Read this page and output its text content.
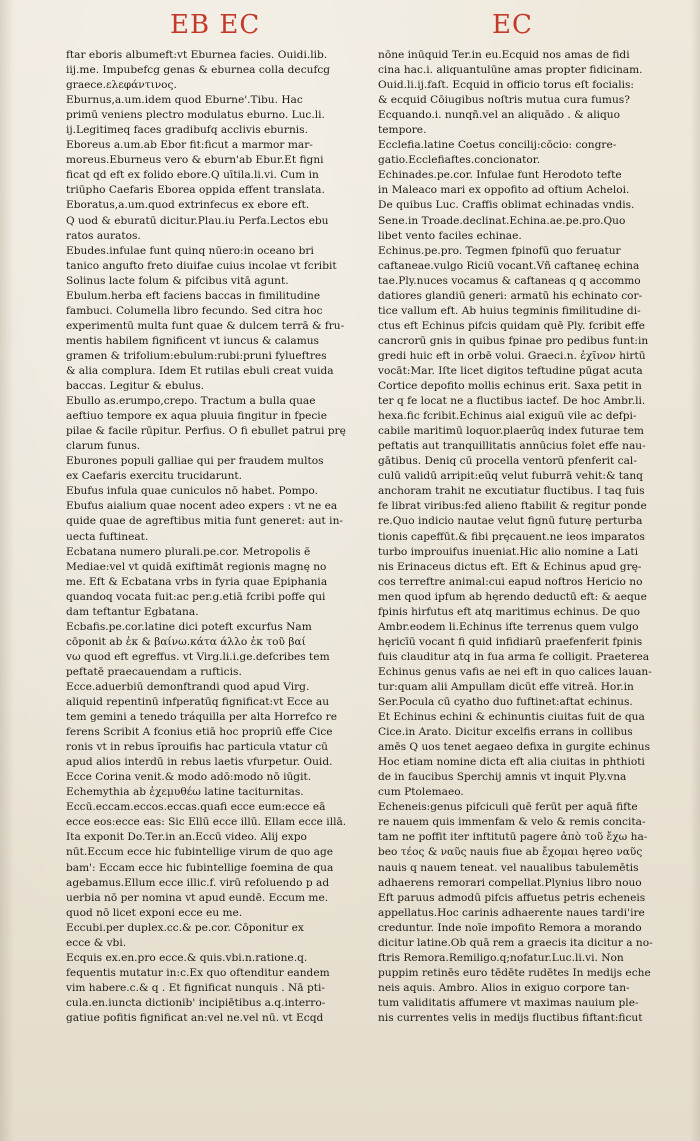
EB EC	EC
ftar eboris albumeft:vt Eburnea facies. Ouidi.lib.
iij.me. Impubefcg genas & eburnea colla decufcg
graece.ελεφάντινος.
Eburnus,a.um.idem quod Eburne'.Tibu. Hac
primū veniens plectro modulatus eburno. Luc.li.
ij.Legitimeq faces gradibufq acclivis eburnis.
Eboreus a.um.ab Ebor fit:ficut a marmor mar-
moreus.Eburneus vero & eburn'ab Ebur.Et figni
ficat qd eft ex folido ebore.Q uītila.li.vi. Cum in
triūpho Caefaris Eborea oppida effent translata.
Eboratus,a.um.quod extrinfecus ex ebore eft.
Q uod & eburatū dicitur.Plau.iu Perfa.Lectos ebu
ratos auratos.
Ebudes.infulae funt quinq nūero:in oceano bri
tanico angufto freto diuifae cuius incolae vt fcribit
Solinus lacte folum & pifcibus vitā agunt.
Ebulum.herba eft faciens baccas in fimilitudine
fambuci. Columella libro fecundo. Sed citra hoc
experimentū multa funt quae & dulcem terrā & fru-
mentis habilem fignificent vt iuncus & calamus
gramen & trifolium:ebulum:rubi:pruni fylueftres
& alia complura. Idem Et rutilas ebuli creat vuida
baccas. Legitur & ebulus.
Ebullo as.erumpo,crepo. Tractum a bulla quae
aeftiuo tempore ex aqua pluuia fingitur in fpecie
pilae & facile rūpitur. Perfius. O fi ebullet patrui prę
clarum funus.
Eburones populi galliae qui per fraudem multos
ex Caefaris exercitu trucidarunt.
Ebufus infula quae cuniculos nō habet. Pompo.
Ebufus aialium quae nocent adeo expers : vt ne ea
quide quae de agreftibus mitia funt generet: aut in-
uecta fuftineat.
Ecbatana numero plurali.pe.cor. Metropolis ē
Mediae:vel vt quidā exiftimāt regionis magnę no
me. Eft & Ecbatana vrbs in fyria quae Epiphania
quandoq vocata fuit:ac per.g.etiā fcribi poffe qui
dam teftantur Egbatana.
Ecbafis.pe.cor.latine dici poteft excurfus Nam
cōponit ab ἐκ & βαίνω.κάτα άλλο ἐκ τοῦ βαί
vω quod eft egreffus. vt Virg.li.i.ge.defcribes tem
peftatē praecauendam a rufticis.
Ecce.aduerbiū demonftrandi quod apud Virg.
aliquid repentinū infperatūq fignificat:vt Ecce au
tem gemini a tenedo tráquilla per alta Horrefco re
ferens Scribit A fconius etiā hoc propriū effe Cice
ronis vt in rebus ĭprouifis hac particula vtatur cū
apud alios interdū in rebus laetis vfurpetur. Ouid.
Ecce Corina venit.& modo adō:modo nō iūgit.
Echemythia ab ἐχεμυθέω latine taciturnitas.
Eccū.eccam.eccos.eccas.quafi ecce eum:ecce eā
ecce eos:ecce eas: Sic Ellū ecce illū. Ellam ecce illā.
Ita exponit Do.Ter.in an.Eccū video. Alij expo
nūt.Eccum ecce hic fubintellige virum de quo age
bam': Eccam ecce hic fubintellige foemina de qua
agebamus.Ellum ecce illic.f. virū refoluendo p ad
uerbia nō per nomina vt apud eundē. Eccum me.
quod nō licet exponi ecce eu me.
Eccubi.per duplex.cc.& pe.cor. Cōponitur ex
ecce & vbi.
Ecquis ex.en.pro ecce.& quis.vbi.n.ratione.q.
fequentis mutatur in:c.Ex quo oftenditur eandem
vim habere.c.& q . Et fignificat nunquis . Nā pti-
cula.en.iuncta dictionib' incipiētibus a.q.interro-
gatiue pofitis fignificat an:vel ne.vel nū. vt Ecqd
nōne inūquid Ter.in eu.Ecquid nos amas de fidi
cina hac.i. aliquantulūne amas propter fidicinam.
Ouid.li.ij.faſt. Ecquid in officio torus eſt focialis:
& ecquid Cōiugibus noſtris mutua cura fumus?
Ecquando.i. nunqñ.vel an aliquādo . & aliquo
tempore.
Ecclefia.latine Coetus concilij:cōcio: congre-
gatio.Ecclefiaftes.concionator.
Echinades.pe.cor. Infulae funt Herodoto tefte
in Maleaco mari ex oppofito ad oftium Acheloi.
De quibus Luc. Craffis oblimat echinadas vndis.
Sene.in Troade.declinat.Echina.ae.pe.pro.Quo
libet vento faciles echinae.
Echinus.pe.pro. Tegmen fpinofū quo feruatur
caftaneae.vulgo Riciū vocant.Vñ caftaneę echina
tae.Ply.nuces vocamus & caftaneas q q accommo
datiores glandiū generi: armatū his echinato cor-
tice vallum eft. Ab huius tegminis fimilitudine di-
ctus eft Echinus pifcis quidam quē Ply. fcribit effe
cancrorū gnis in quibus fpinae pro pedibus funt:in
gredi huic eft in orbē volui. Graeci.n. ἐχῖνον hirtū
vocāt:Mar. Iſte licet digitos teftudine pūgat acuta
Cortice depofito mollis echinus erit. Saxa petit in
ter q fe locat ne a fluctibus iactef. De hoc Ambr.li.
hexa.fic fcribit.Echinus aial exiguū vile ac defpi-
cabile maritimū loquor.plaerūq index futurae tem
peftatis aut tranquillitatis annūcius folet effe nau-
gātibus. Deniq cū procella ventorū pfenferit cal-
culū validū arripit:eūq velut fuburrā vehit:& tanq
anchoram trahit ne excutiatur fluctibus. I taq fuis
fe librat viribus:fed alieno ftabilit & regitur ponde
re.Quo indicio nautae velut fignū futurę perturba
tionis capeffūt.& fibi pręcauent.ne ieos imparatos
turbo improuifus inueniat.Hic alio nomine a Lati
nis Erinaceus dictus eft. Eft & Echinus apud grę-
cos terreftre animal:cui eapud noftros Hericio no
men quod ipfum ab hęrendo deductū eft: & aeque
fpinis hirfutus eft atq maritimus echinus. De quo
Ambr.eodem li.Echinus ifte terrenus quem vulgo
hęricīū vocant fi quid infidiarū praefenferit fpinis
fuis clauditur atq in fua arma fe colligit. Praeterea
Echinus genus vafis ae nei eft in quo calices lauan-
tur:quam alii Ampullam dicūt effe vitreā. Hor.in
Ser.Pocula cū cyatho duo fuftinet:aftat echinus.
Et Echinus echini & echinuntis ciuitas fuit de qua
Cice.in Arato. Dicitur excelfis errans in collibus
amēs Q uos tenet aegaeo defixa in gurgite echinus
Hoc etiam nomine dicta eft alia ciuitas in phthioti
de in faucibus Sperchij amnis vt inquit Ply.vna
cum Ptolemaeo.
Echeneis:genus pifciculi quē ferūt per aquā fifte
re nauem quis immenfam & velo & remis concita-
tam ne poffit iter inftitutū pagere ἀπὸ τοῦ ἔχω ha-
beo τέος & ναῦς nauis fiue ab ἔχομαι hęreo ναῦς
nauis q nauem teneat. vel naualibus tabulemētis
adhaerens remorari compellat.Plynius libro nouo
Eft paruus admodū pifcis affuetus petris echeneis
appellatus.Hoc carinis adhaerente naues tardi'ire
creduntur. Inde noīe impofito Remora a morando
dicitur latine.Ob quā rem a graecis ita dicitur a no-
ftris Remora.Remiligo.q;nofatur.Luc.li.vi. Non
puppim retinēs euro tēdēte rudētes In medijs eche
neis aquis. Ambro. Alios in exiguo corpore tan-
tum validitatis affumere vt maximas nauium ple-
nis currentes velis in medijs fluctibus fiftant:ficut
